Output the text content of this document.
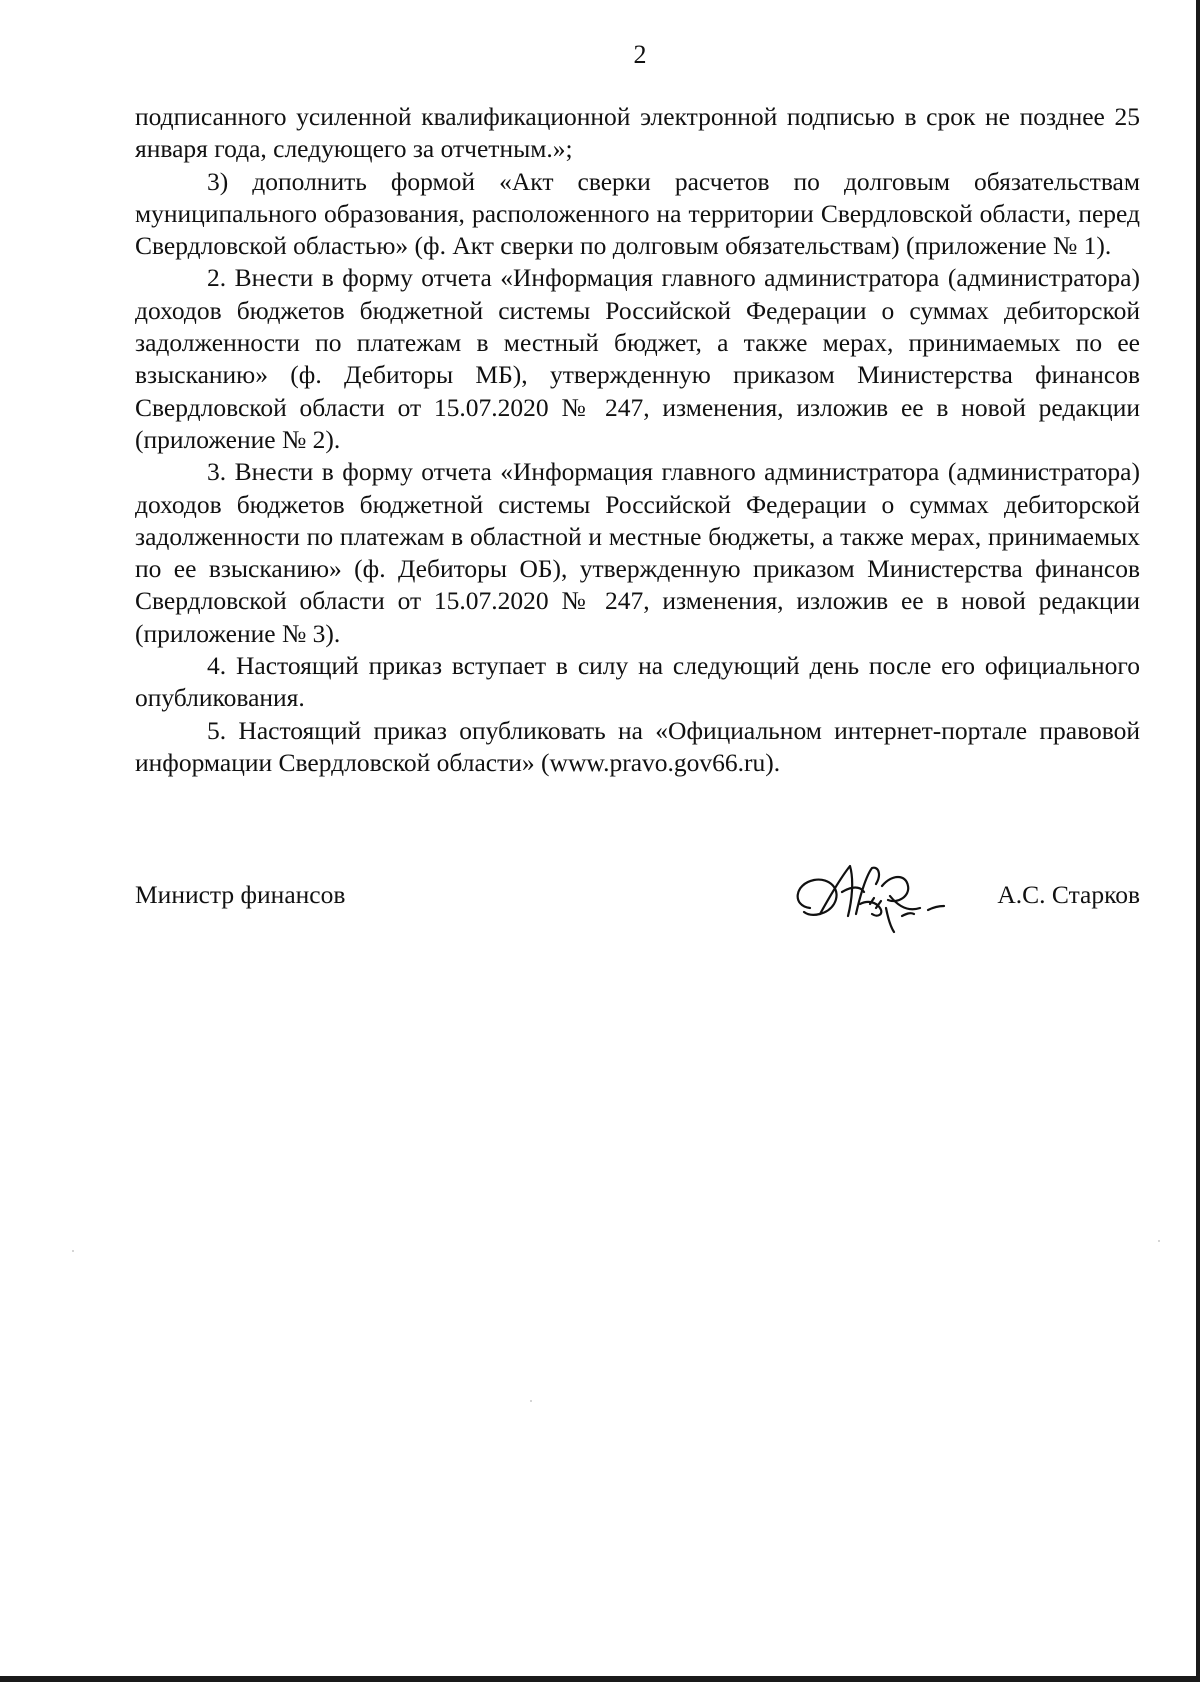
2

подписанного усиленной квалификационной электронной подписью в срок не позднее 25 января года, следующего за отчетным.»;

3) дополнить формой «Акт сверки расчетов по долговым обязательствам муниципального образования, расположенного на территории Свердловской области, перед Свердловской областью» (ф. Акт сверки по долговым обязательствам) (приложение № 1).

2. Внести в форму отчета «Информация главного администратора (администратора) доходов бюджетов бюджетной системы Российской Федерации о суммах дебиторской задолженности по платежам в местный бюджет, а также мерах, принимаемых по ее взысканию» (ф. Дебиторы МБ), утвержденную приказом Министерства финансов Свердловской области от 15.07.2020 № 247, изменения, изложив ее в новой редакции (приложение № 2).

3. Внести в форму отчета «Информация главного администратора (администратора) доходов бюджетов бюджетной системы Российской Федерации о суммах дебиторской задолженности по платежам в областной и местные бюджеты, а также мерах, принимаемых по ее взысканию» (ф. Дебиторы ОБ), утвержденную приказом Министерства финансов Свердловской области от 15.07.2020 № 247, изменения, изложив ее в новой редакции (приложение № 3).

4. Настоящий приказ вступает в силу на следующий день после его официального опубликования.

5. Настоящий приказ опубликовать на «Официальном интернет-портале правовой информации Свердловской области» (www.pravo.gov66.ru).

Министр финансов	А.С. Старков
